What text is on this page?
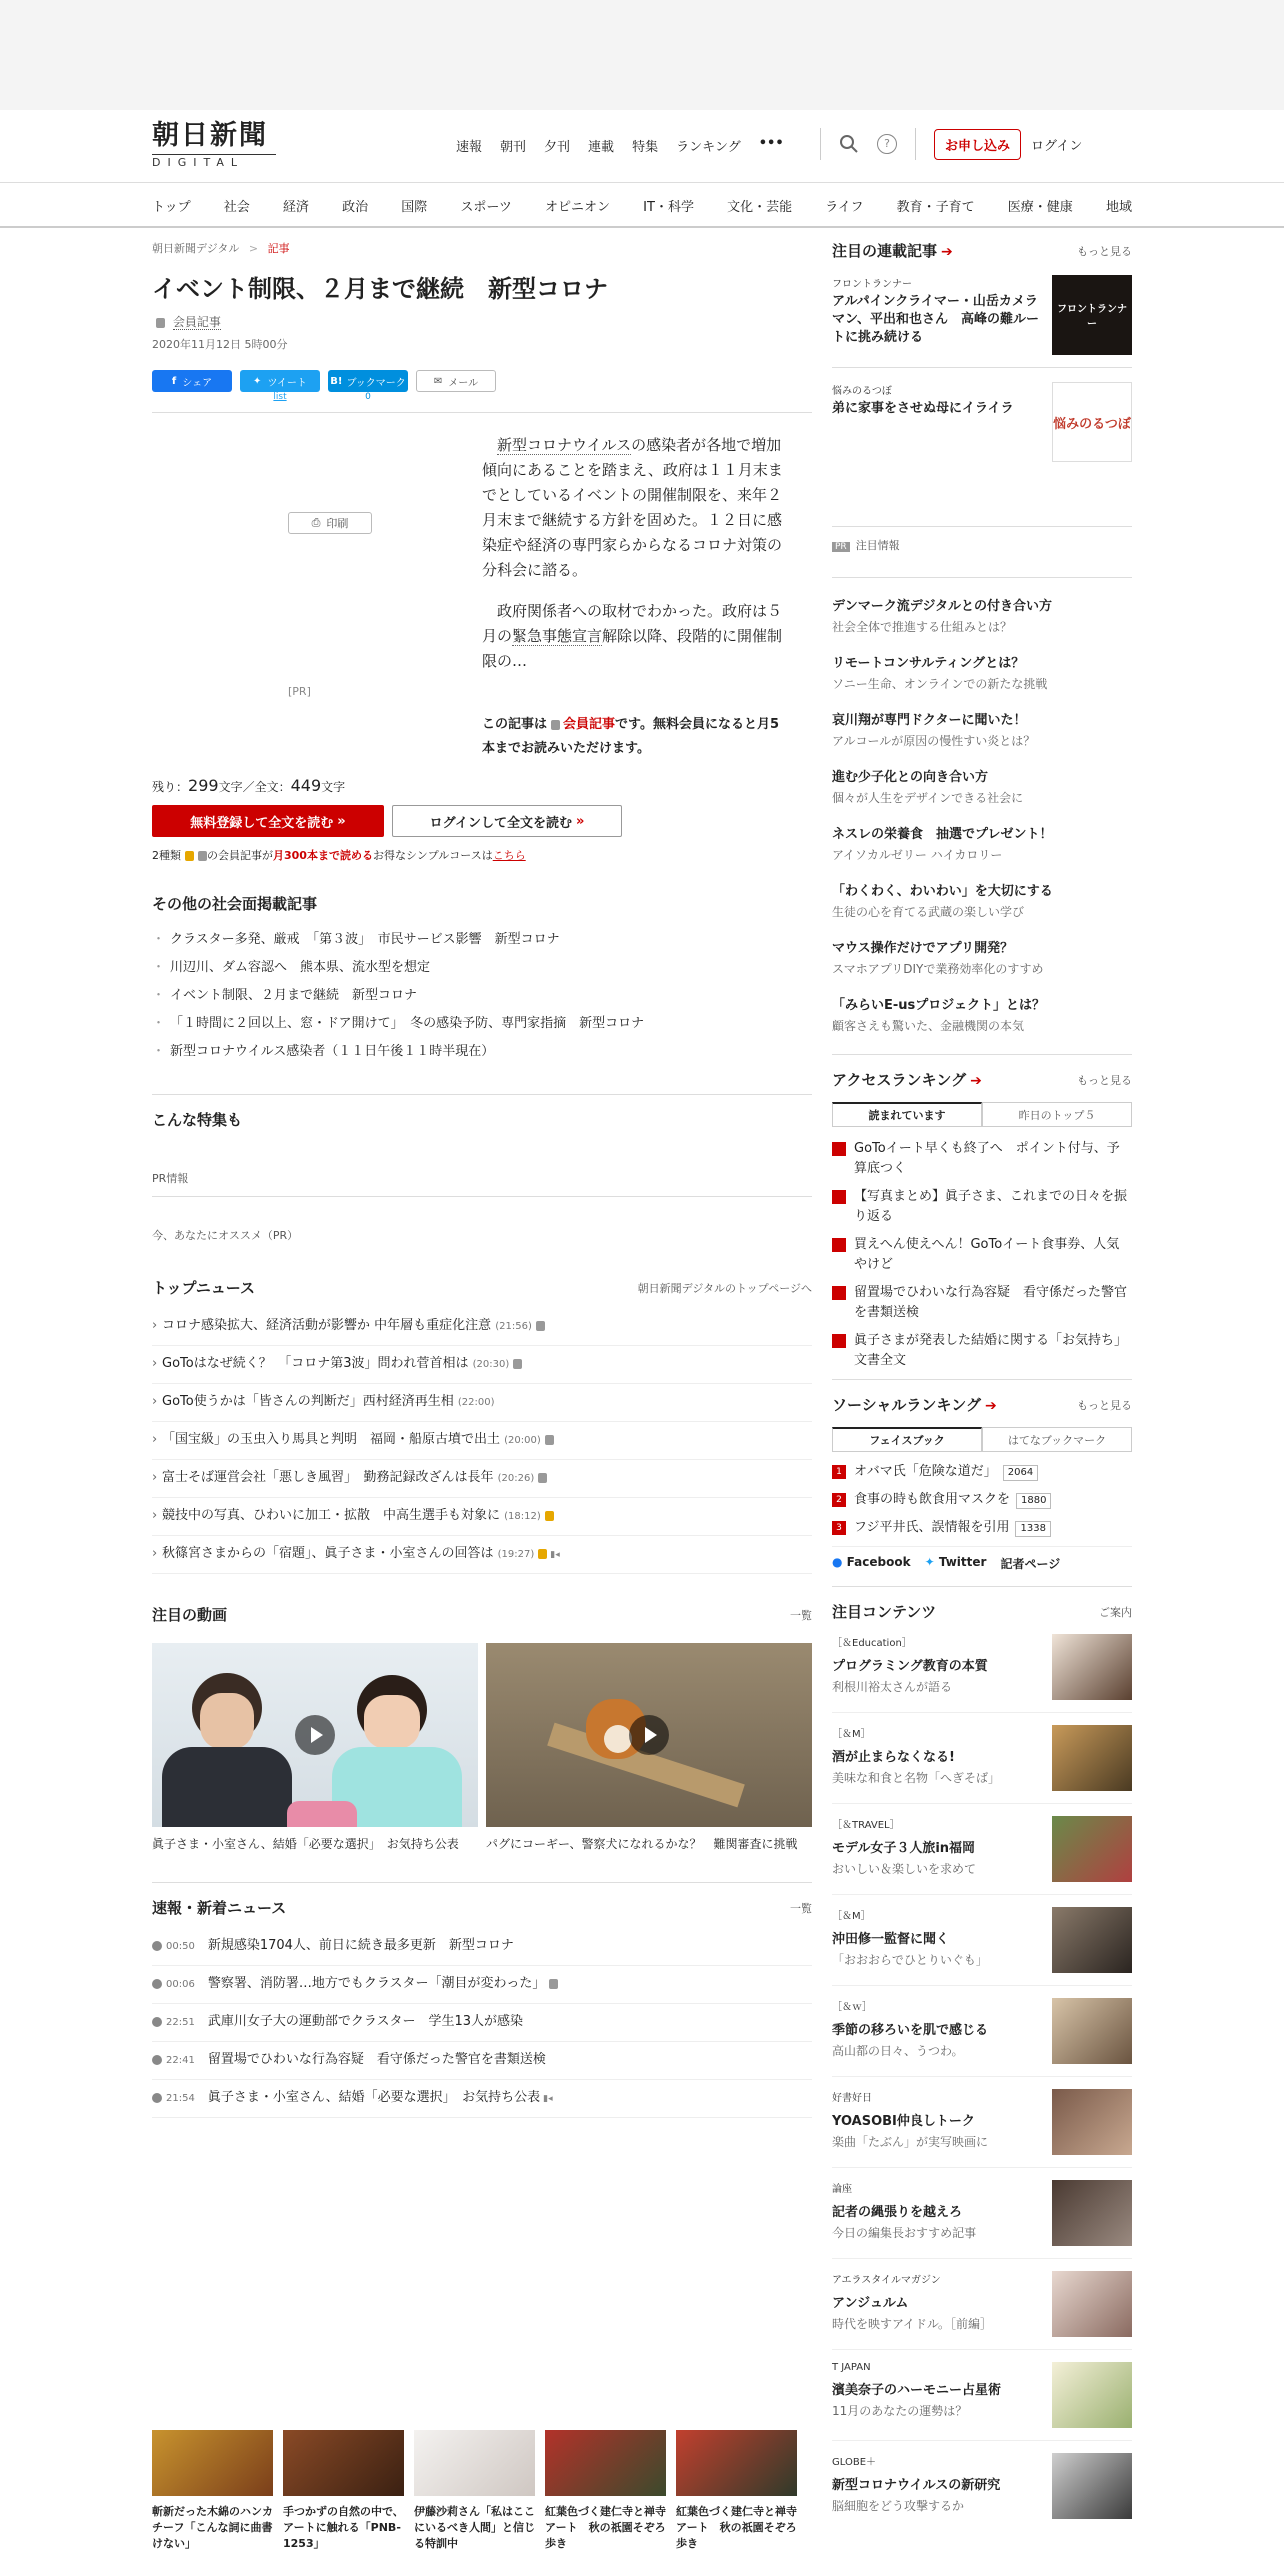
朝日新聞
DIGITAL
速報 朝刊 夕刊 連載 特集 ランキング •••	?	お申し込み	ログイン
トップ	社会	経済	政治	国際	スポーツ	オピニオン	IT・科学	文化・芸能	ライフ	教育・子育て	医療・健康	地域
朝日新聞デジタル > 記事
イベント制限、２月まで継続　新型コロナ
会員記事
2020年11月12日 5時00分
f シェア	✦ ツイート
list
B! ブックマーク
0
✉ メール
⎙ 印刷
[PR]

新型コロナウイルスの感染者が各地で増加傾向にあることを踏まえ、政府は１１月末までとしているイベントの開催制限を、来年２月末まで継続する方針を固めた。１２日に感染症や経済の専門家らからなるコロナ対策の分科会に諮る。

政府関係者への取材でわかった。政府は５月の緊急事態宣言解除以降、段階的に開催制限の…

この記事は 会員記事です。無料会員になると月5本までお読みいただけます。
残り：299文字／全文：449文字
無料登録して全文を読む »	ログインして全文を読む »
2種類 の会員記事が月300本まで読めるお得なシンプルコースはこちら
その他の社会面掲載記事
・ クラスター多発、厳戒　「第３波」　市民サービス影響　新型コロナ
・ 川辺川、ダム容認へ　熊本県、流水型を想定
・ イベント制限、２月まで継続　新型コロナ
・ 「１時間に２回以上、窓・ドア開けて」　冬の感染予防、専門家指摘　新型コロナ
・ 新型コロナウイルス感染者（１１日午後１１時半現在）
こんな特集も
PR情報
今、あなたにオススメ（PR）
トップニュース	朝日新聞デジタルのトップページへ
› コロナ感染拡大、経済活動が影響か 中年層も重症化注意 (21:56)
› GoToはなぜ続く？　「コロナ第3波」問われ菅首相は (20:30)
› GoTo使うかは「皆さんの判断だ」西村経済再生相 (22:00)
› 「国宝級」の玉虫入り馬具と判明　福岡・船原古墳で出土 (20:00)
› 富士そば運営会社「悪しき風習」　勤務記録改ざんは長年 (20:26)
› 競技中の写真、ひわいに加工・拡散　中高生選手も対象に (18:12)
› 秋篠宮さまからの「宿題」、眞子さま・小室さんの回答は (19:27) ▮◂
注目の動画	一覧
眞子さま・小室さん、結婚「必要な選択」　お気持ち公表	パグにコーギー、警察犬になれるかな？　難関審査に挑戦
速報・新着ニュース	一覧
00:50　 新規感染1704人、前日に続き最多更新　新型コロナ
00:06　 警察署、消防署…地方でもクラスター「潮目が変わった」
22:51　 武庫川女子大の運動部でクラスター　学生13人が感染
22:41　 留置場でひわいな行為容疑　看守係だった警官を書類送検
21:54　 眞子さま・小室さん、結婚「必要な選択」　お気持ち公表 ▮◂
斬新だった木綿のハンカチーフ「こんな詞に曲書けない」
手つかずの自然の中で、アートに触れる「PNB-1253」
伊藤沙莉さん「私はここにいるべき人間」と信じる特訓中
紅葉色づく建仁寺と禅寺アート　秋の祇園そぞろ歩き
紅葉色づく建仁寺と禅寺アート　秋の祇園そぞろ歩き
注目の連載記事 ➔	もっと見る
フロントランナー
アルパインクライマー・山岳カメラマン、平出和也さん　高峰の難ルートに挑み続ける
フロントランナー
悩みのるつぼ
弟に家事をさせぬ母にイライラ
悩みのるつぼ
PR 注目情報
デンマーク流デジタルとの付き合い方
社会全体で推進する仕組みとは？
リモートコンサルティングとは？
ソニー生命、オンラインでの新たな挑戦
哀川翔が専門ドクターに聞いた！
アルコールが原因の慢性すい炎とは？
進む少子化との向き合い方
個々が人生をデザインできる社会に
ネスレの栄養食　抽選でプレゼント！
アイソカルゼリー ハイカロリー
「わくわく、わいわい」を大切にする
生徒の心を育てる武蔵の楽しい学び
マウス操作だけでアプリ開発？
スマホアプリDIYで業務効率化のすすめ
「みらいE-usプロジェクト」とは？
顧客さえも驚いた、金融機関の本気
アクセスランキング ➔	もっと見る
読まれています	昨日のトップ５
GoToイート早くも終了へ　ポイント付与、予算底つく
【写真まとめ】眞子さま、これまでの日々を振り返る
買えへん使えへん！GoToイート食事券、人気やけど
留置場でひわいな行為容疑　看守係だった警官を書類送検
眞子さまが発表した結婚に関する「お気持ち」　文書全文
ソーシャルランキング ➔	もっと見る
フェイスブック	はてなブックマーク
1 オバマ氏「危険な道だ」 2064
2 食事の時も飲食用マスクを 1880
3 フジ平井氏、誤情報を引用 1338
● Facebook ✦ Twitter 記者ページ
注目コンテンツ	ご案内
［＆Education］
プログラミング教育の本質
利根川裕太さんが語る
［＆M］
酒が止まらなくなる!
美味な和食と名物「へぎそば」
［＆TRAVEL］
モデル女子３人旅in福岡
おいしい＆楽しいを求めて
［＆M］
沖田修一監督に聞く
「おおおらでひとりいぐも」
［＆ｗ］
季節の移ろいを肌で感じる
高山都の日々、うつわ。
好書好日
YOASOBI仲良しトーク
楽曲「たぶん」が実写映画に
論座
記者の縄張りを越えろ
今日の編集長おすすめ記事
アエラスタイルマガジン
アンジュルム
時代を映すアイドル。［前編］
T JAPAN
濱美奈子のハーモニー占星術
11月のあなたの運勢は？
GLOBE＋
新型コロナウイルスの新研究
脳細胞をどう攻撃するか
